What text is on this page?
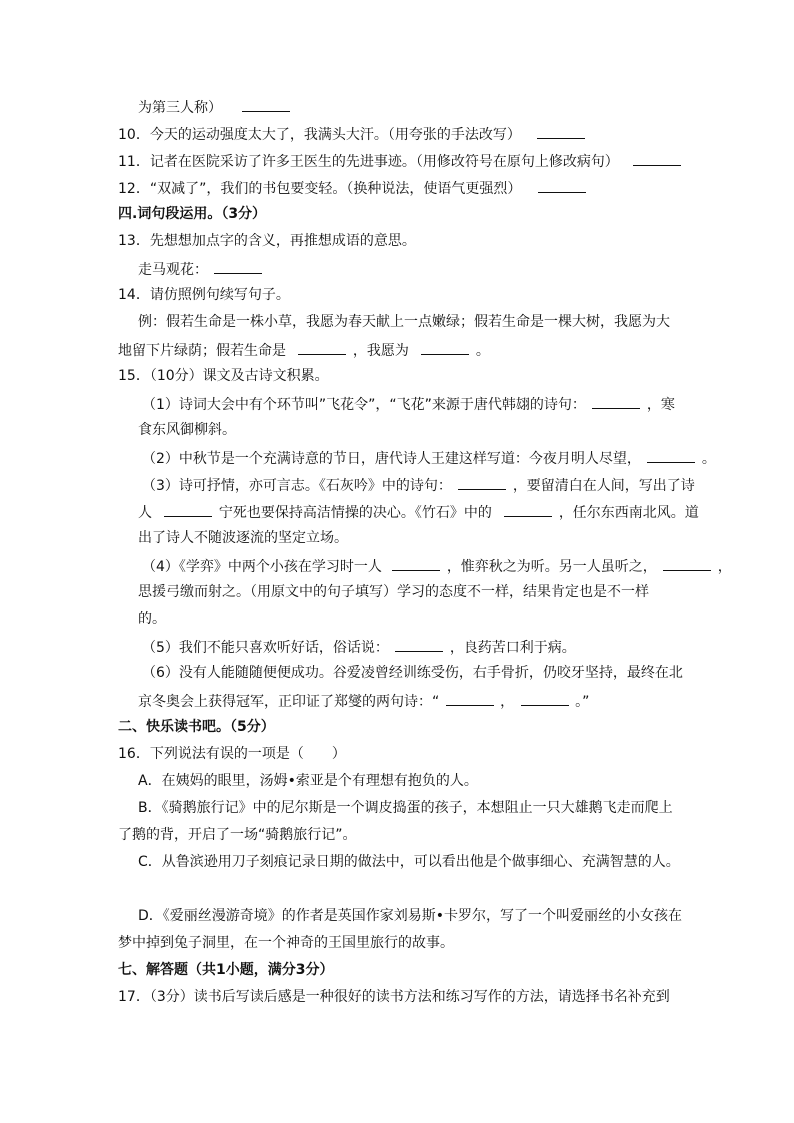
为第三人称）
10．今天的运动强度太大了，我满头大汗。（用夸张的手法改写）
11．记者在医院采访了许多王医生的先进事迹。（用修改符号在原句上修改病句）
12．“双减了”，我们的书包要变轻。（换种说法，使语气更强烈）
四.词句段运用。（3分）
13．先想想加点字的含义，再推想成语的意思。
走马观花：
14．请仿照例句续写句子。
例：假若生命是一株小草，我愿为春天献上一点嫩绿；假若生命是一棵大树，我愿为大
地留下片绿荫；假若生命是	，我愿为	。
15．（10分）课文及古诗文积累。
（1）诗词大会中有个环节叫”飞花令”，“飞花”来源于唐代韩翃的诗句：	，寒
食东风御柳斜。
（2）中秋节是一个充满诗意的节日，唐代诗人王建这样写道：今夜月明人尽望，	。
（3）诗可抒情，亦可言志。《石灰吟》中的诗句：	，要留清白在人间，写出了诗
人	宁死也要保持高洁情操的决心。《竹石》中的	，任尔东西南北风。道
出了诗人不随波逐流的坚定立场。
（4）《学弈》中两个小孩在学习时一人	，惟弈秋之为听。另一人虽听之，	，
思援弓缴而射之。（用原文中的句子填写）学习的态度不一样，结果肯定也是不一样
的。
（5）我们不能只喜欢听好话，俗话说：	，良药苦口利于病。
（6）没有人能随随便便成功。谷爱凌曾经训练受伤，右手骨折，仍咬牙坚持，最终在北
京冬奥会上获得冠军，正印证了郑燮的两句诗：“	，	。”
二、快乐读书吧。（5分）
16．下列说法有误的一项是（　　）
A．在姨妈的眼里，汤姆•索亚是个有理想有抱负的人。
B．《骑鹅旅行记》中的尼尔斯是一个调皮捣蛋的孩子，本想阻止一只大雄鹅飞走而爬上
了鹅的背，开启了一场“骑鹅旅行记”。
C．从鲁滨逊用刀子刻痕记录日期的做法中，可以看出他是个做事细心、充满智慧的人。
D．《爱丽丝漫游奇境》的作者是英国作家刘易斯•卡罗尔，写了一个叫爱丽丝的小女孩在
梦中掉到兔子洞里，在一个神奇的王国里旅行的故事。
七、解答题（共1小题，满分3分）
17．（3分）读书后写读后感是一种很好的读书方法和练习写作的方法，请选择书名补充到
